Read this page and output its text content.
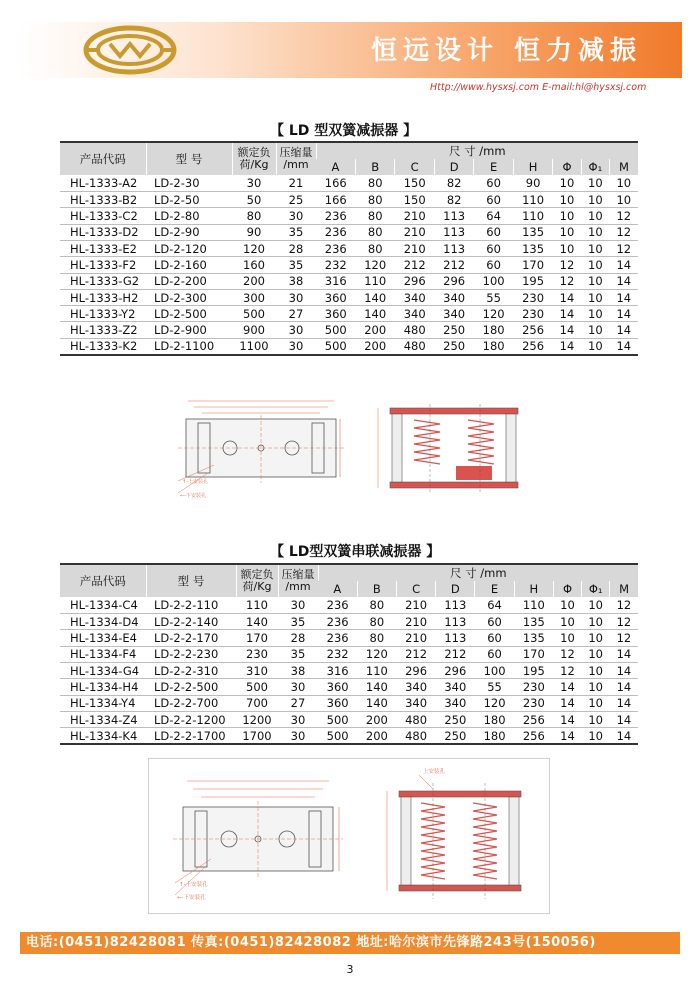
恒远设计 恒力减振
Http://www.hysxsj.com E-mail:hl@hysxsj.com
【 LD 型双簧减振器 】
产品代码	型 号	额定负
荷/Kg	压缩量
/mm	尺 寸 /mm								
				A	B	C	D	E	H	Φ	Φ₁	M
HL-1333-A2	LD-2-30	30	21	166	80	150	82	60	90	10	10	10
HL-1333-B2	LD-2-50	50	25	166	80	150	82	60	110	10	10	10
HL-1333-C2	LD-2-80	80	30	236	80	210	113	64	110	10	10	12
HL-1333-D2	LD-2-90	90	35	236	80	210	113	60	135	10	10	12
HL-1333-E2	LD-2-120	120	28	236	80	210	113	60	135	10	10	12
HL-1333-F2	LD-2-160	160	35	232	120	212	212	60	170	12	10	14
HL-1333-G2	LD-2-200	200	38	316	110	296	296	100	195	12	10	14
HL-1333-H2	LD-2-300	300	30	360	140	340	340	55	230	14	10	14
HL-1333-Y2	LD-2-500	500	27	360	140	340	340	120	230	14	10	14
HL-1333-Z2	LD-2-900	900	30	500	200	480	250	180	256	14	10	14
HL-1333-K2	LD-2-1100	1100	30	500	200	480	250	180	256	14	10	14
↑-上安装孔
←-下安装孔
【 LD型双簧串联减振器 】
产品代码	型 号	额定负
荷/Kg	压缩量
/mm	尺 寸 /mm								
				A	B	C	D	E	H	Φ	Φ₁	M
HL-1334-C4	LD-2-2-110	110	30	236	80	210	113	64	110	10	10	12
HL-1334-D4	LD-2-2-140	140	35	236	80	210	113	60	135	10	10	12
HL-1334-E4	LD-2-2-170	170	28	236	80	210	113	60	135	10	10	12
HL-1334-F4	LD-2-2-230	230	35	232	120	212	212	60	170	12	10	14
HL-1334-G4	LD-2-2-310	310	38	316	110	296	296	100	195	12	10	14
HL-1334-H4	LD-2-2-500	500	30	360	140	340	340	55	230	14	10	14
HL-1334-Y4	LD-2-2-700	700	27	360	140	340	340	120	230	14	10	14
HL-1334-Z4	LD-2-2-1200	1200	30	500	200	480	250	180	256	14	10	14
HL-1334-K4	LD-2-2-1700	1700	30	500	200	480	250	180	256	14	10	14
↑-上安装孔
←-下安装孔
上安装孔
电话:(0451)82428081 传真:(0451)82428082 地址:哈尔滨市先锋路243号(150056)
3
